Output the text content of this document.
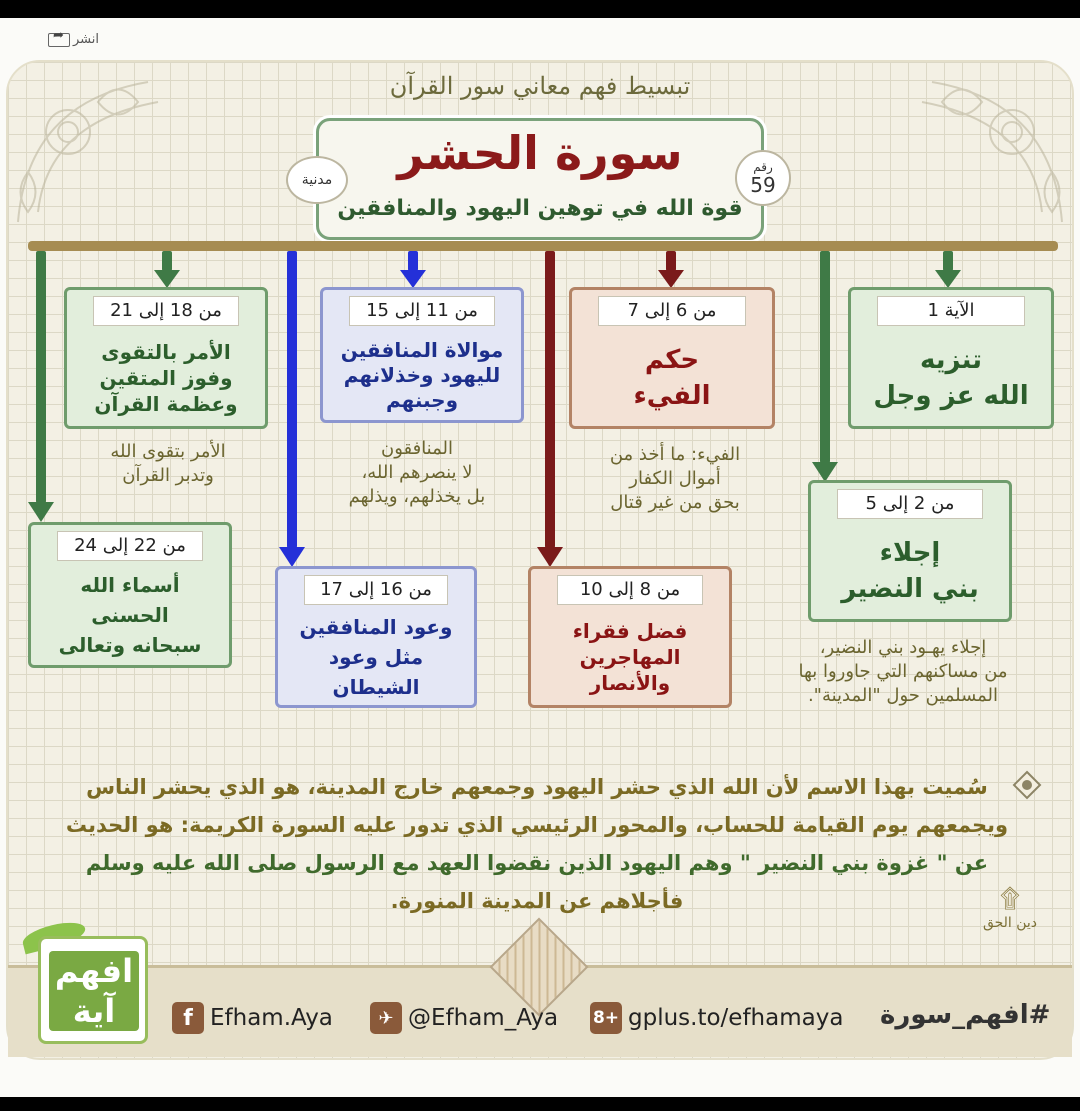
➦
انشر
تبسيط فهم معاني سور القرآن
سورة الحشر
قوة الله في توهين اليهود والمنافقين
رقم
59
مدنية
الآية 1
تنزيه
الله عز وجل
من 2 إلى 5
إجلاء
بني النضير
من 6 إلى 7
حكم
الفيء
من 8 إلى 10
فضل فقراء
المهاجرين
والأنصار
من 11 إلى 15
موالاة المنافقين
لليهود وخذلانهم
وجبنهم
من 16 إلى 17
وعود المنافقين
مثل وعود الشيطان
من 18 إلى 21
الأمر بالتقوى
وفوز المتقين
وعظمة القرآن
من 22 إلى 24
أسماء الله
الحسنى
سبحانه وتعالى	إجلاء يهـود بني النضير،
من مساكنهم التي جاوروا بها
المسلمين حول "المدينة".
الفيء: ما أخذ من
أموال الكفار
بحق من غير قتال
المنافقون
لا ينصرهم الله،
بل يخذلهم، ويذلهم
الأمر بتقوى الله
وتدبر القرآن
سُميت بهذا الاسم لأن الله الذي حشر اليهود وجمعهم خارج المدينة، هو الذي يحشر الناس
ويجمعهم يوم القيامة للحساب، والمحور الرئيسي الذي تدور عليه السورة الكريمة: هو الحديث
عن " غزوة بني النضير " وهم اليهود الذين نقضوا العهد مع الرسول صلى الله عليه وسلم
فأجلاهم عن المدينة المنورة.	۩
دين الحق
افهم
آية	f Efham.Aya	✈ @Efham_Aya 8+ gplus.to/efhamaya #افهم_سورة
